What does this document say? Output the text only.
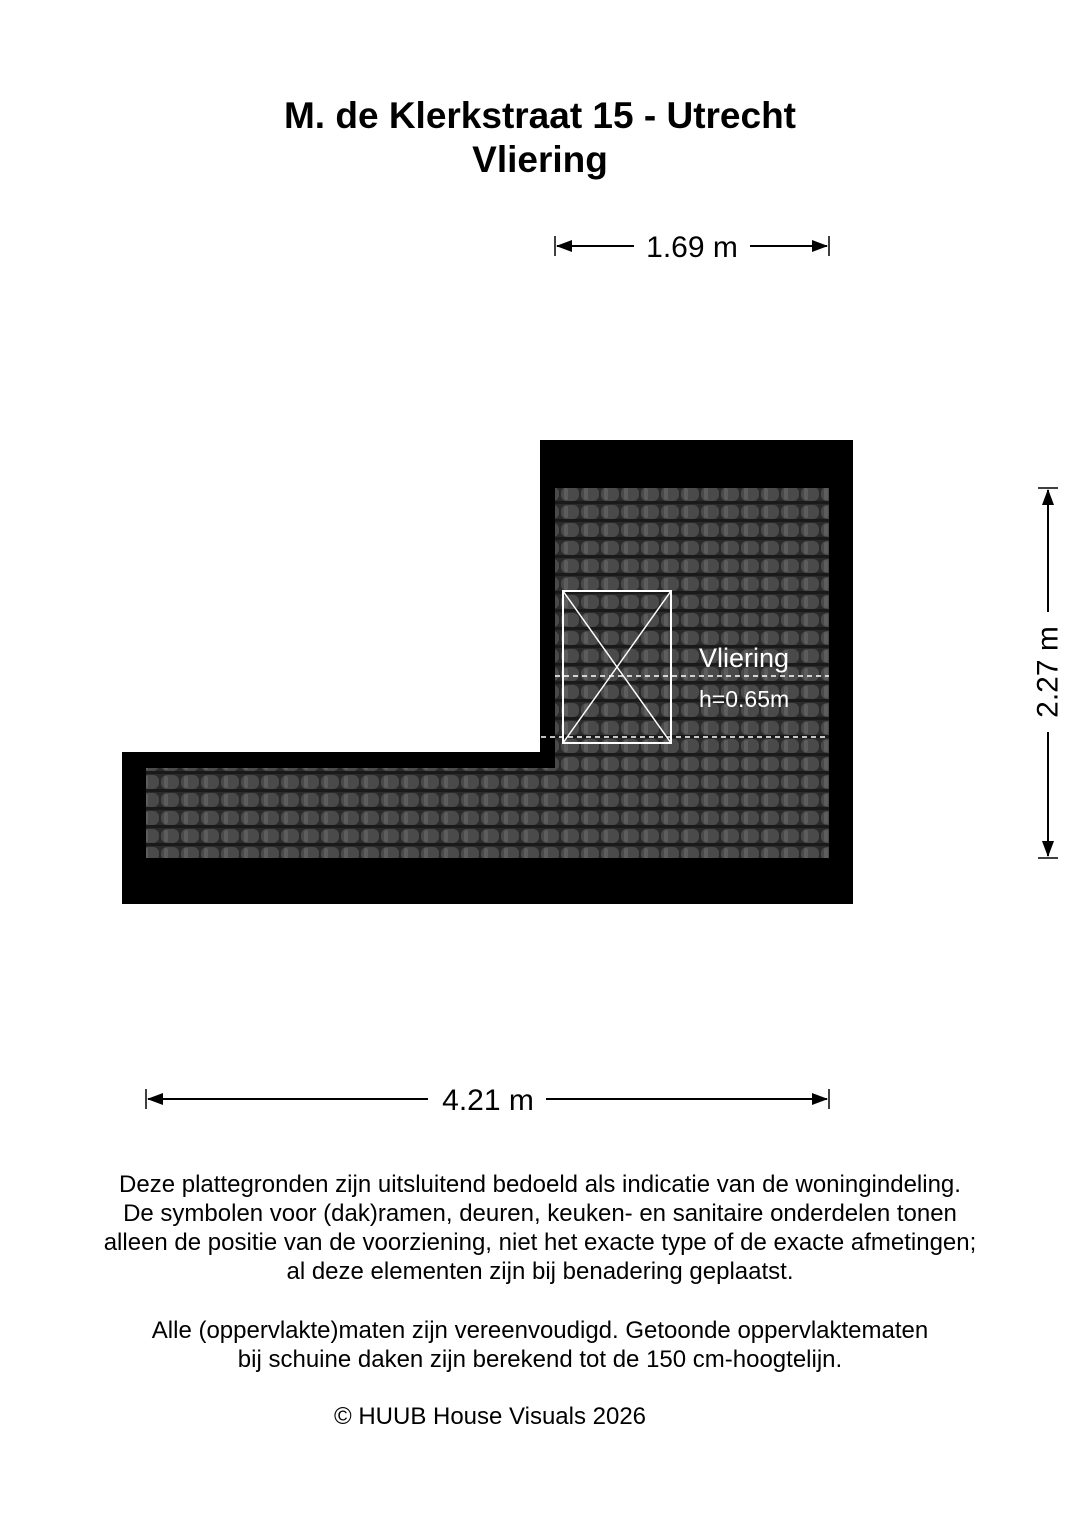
M. de Klerkstraat 15 - Utrecht
Vliering
Vliering
h=0.65m
1.69 m
2.27 m
4.21 m

Deze plattegronden zijn uitsluitend bedoeld als indicatie van de woningindeling.
De symbolen voor (dak)ramen, deuren, keuken- en sanitaire onderdelen tonen
alleen de positie van de voorziening, niet het exacte type of de exacte afmetingen;
al deze elementen zijn bij benadering geplaatst.

Alle (oppervlakte)maten zijn vereenvoudigd. Getoonde oppervlaktematen
bij schuine daken zijn berekend tot de 150 cm-hoogtelijn.

© HUUB House Visuals 2026
